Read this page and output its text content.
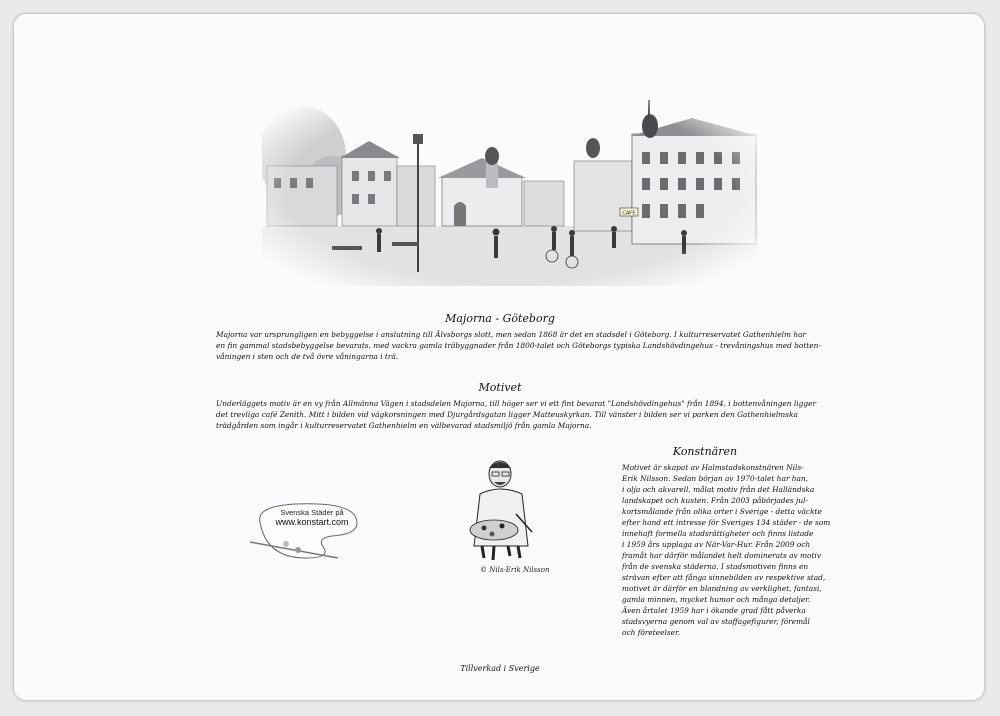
Majorna - Göteborg
Majorna var ursprungligen en bebyggelse i anslutning till Älvsborgs slott, men sedan 1868 är det en stadsdel i Göteborg. I kulturreservatet Gathenhielm har
en fin gammal stadsbebyggelse bevarats, med vackra gamla träbyggnader från 1800-talet och Göteborgs typiska Landshövdingehus - trevåningshus med botten-
våningen i sten och de två övre våningarna i trä.
Motivet
Underläggets motiv är en vy från Allmänna Vägen i stadsdelen Majorna, till höger ser vi ett fint bevarat "Landshövdingehus" från 1894, i bottenvåningen ligger
det trevliga café Zenith. Mitt i bilden vid vägkorsningen med Djurgårdsgatan ligger Matteuskyrkan. Till vänster i bilden ser vi parken den Gathenhielmska
trädgården som ingår i kulturreservatet Gathenhielm en välbevarad stadsmiljö från gamla Majorna.
Konstnären
Motivet är skapat av Halmstadskonstnären Nils-
Erik Nilsson. Sedan början av 1970-talet har han,
i olja och akvarell, målat motiv från det Halländska
landskapet och kusten. Från 2003 påbörjades jul-
kortsmålande från olika orter i Sverige - detta väckte
efter hand ett intresse för Sveriges 134 städer - de som
innehaft formella stadsrättigheter och finns listade
i 1959 års upplaga av När-Var-Hur. Från 2009 och
framåt har därför målandet helt dominerats av motiv
från de svenska städerna. I stadsmotiven finns en
strävan efter att fånga sinnebilden av respektive stad,
motivet är därför en blandning av verklighet, fantasi,
gamla minnen, mycket humor och många detaljer.
Även årtalet 1959 har i ökande grad fått påverka
stadsvyerna genom val av staffagefigurer, föremål
och företeelser.
Svenska Städer på
www.konstart.com
© Nils-Erik Nilsson
Tillverkad i Sverige
